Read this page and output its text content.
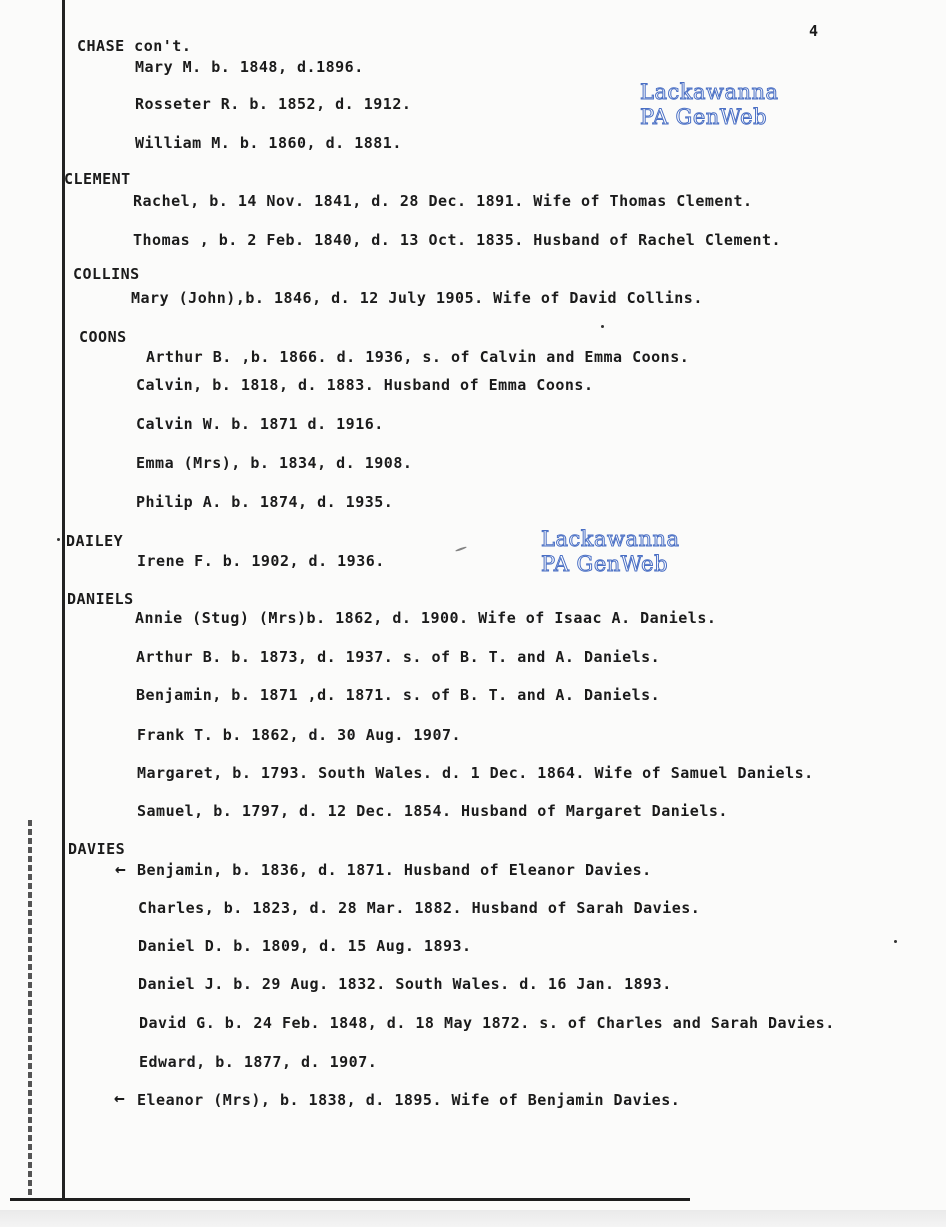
4
Lackawanna
PA GenWeb
Lackawanna
PA GenWeb
CHASE con't.
Mary M. b. 1848, d.1896.
Rosseter R. b. 1852, d. 1912.
William M. b. 1860, d. 1881.
CLEMENT
Rachel, b. 14 Nov. 1841, d. 28 Dec. 1891. Wife of Thomas Clement.
Thomas , b. 2 Feb. 1840, d. 13 Oct. 1835. Husband of Rachel Clement.
COLLINS
Mary (John),b. 1846, d. 12 July 1905. Wife of David Collins.
COONS
Arthur B. ,b. 1866. d. 1936, s. of Calvin and Emma Coons.
Calvin, b. 1818, d. 1883. Husband of Emma Coons.
Calvin W. b. 1871 d. 1916.
Emma (Mrs), b. 1834, d. 1908.
Philip A. b. 1874, d. 1935.
DAILEY
Irene F. b. 1902, d. 1936.
DANIELS
Annie (Stug) (Mrs)b. 1862, d. 1900. Wife of Isaac A. Daniels.
Arthur B. b. 1873, d. 1937. s. of B. T. and A. Daniels.
Benjamin, b. 1871 ,d. 1871. s. of B. T. and A. Daniels.
Frank T. b. 1862, d. 30 Aug. 1907.
Margaret, b. 1793. South Wales. d. 1 Dec. 1864. Wife of Samuel Daniels.
Samuel, b. 1797, d. 12 Dec. 1854. Husband of Margaret Daniels.
DAVIES
← Benjamin, b. 1836, d. 1871. Husband of Eleanor Davies.
Charles, b. 1823, d. 28 Mar. 1882. Husband of Sarah Davies.
Daniel D. b. 1809, d. 15 Aug. 1893.
Daniel J. b. 29 Aug. 1832. South Wales. d. 16 Jan. 1893.
David G. b. 24 Feb. 1848, d. 18 May 1872. s. of Charles and Sarah Davies.
Edward, b. 1877, d. 1907.
← Eleanor (Mrs), b. 1838, d. 1895. Wife of Benjamin Davies.
